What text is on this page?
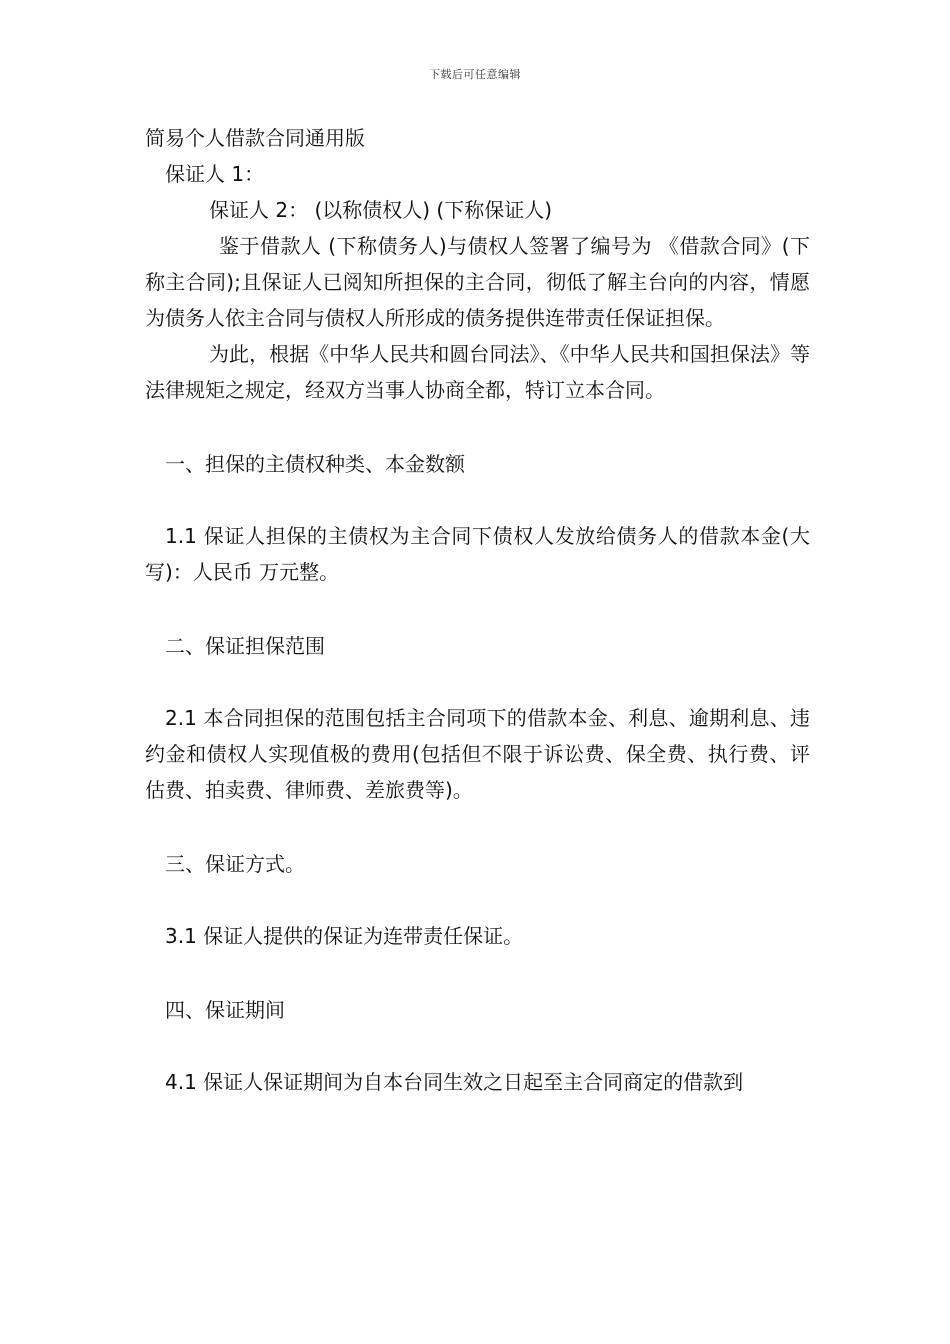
下载后可任意编辑

简易个人借款合同通用版

保证人 1：

保证人 2： (以称债权人) (下称保证人)

鉴于借款人 (下称债务人)与债权人签署了编号为 《借款合同》(下称主合同);且保证人已阅知所担保的主合同，彻低了解主台向的内容，情愿为债务人依主合同与债权人所形成的债务提供连带责任保证担保。

为此，根据《中华人民共和圆台同法》、《中华人民共和国担保法》等法律规矩之规定，经双方当事人协商全都，特订立本合同。

一、担保的主债权种类、本金数额

1.1 保证人担保的主债权为主合同下债权人发放给债务人的借款本金(大写)：人民币 万元整。

二、保证担保范围

2.1 本合同担保的范围包括主合同项下的借款本金、利息、逾期利息、违约金和债权人实现值极的费用(包括但不限于诉讼费、保全费、执行费、评估费、拍卖费、律师费、差旅费等)。

三、保证方式。

3.1 保证人提供的保证为连带责任保证。

四、保证期间

4.1 保证人保证期间为自本台同生效之日起至主合同商定的借款到
